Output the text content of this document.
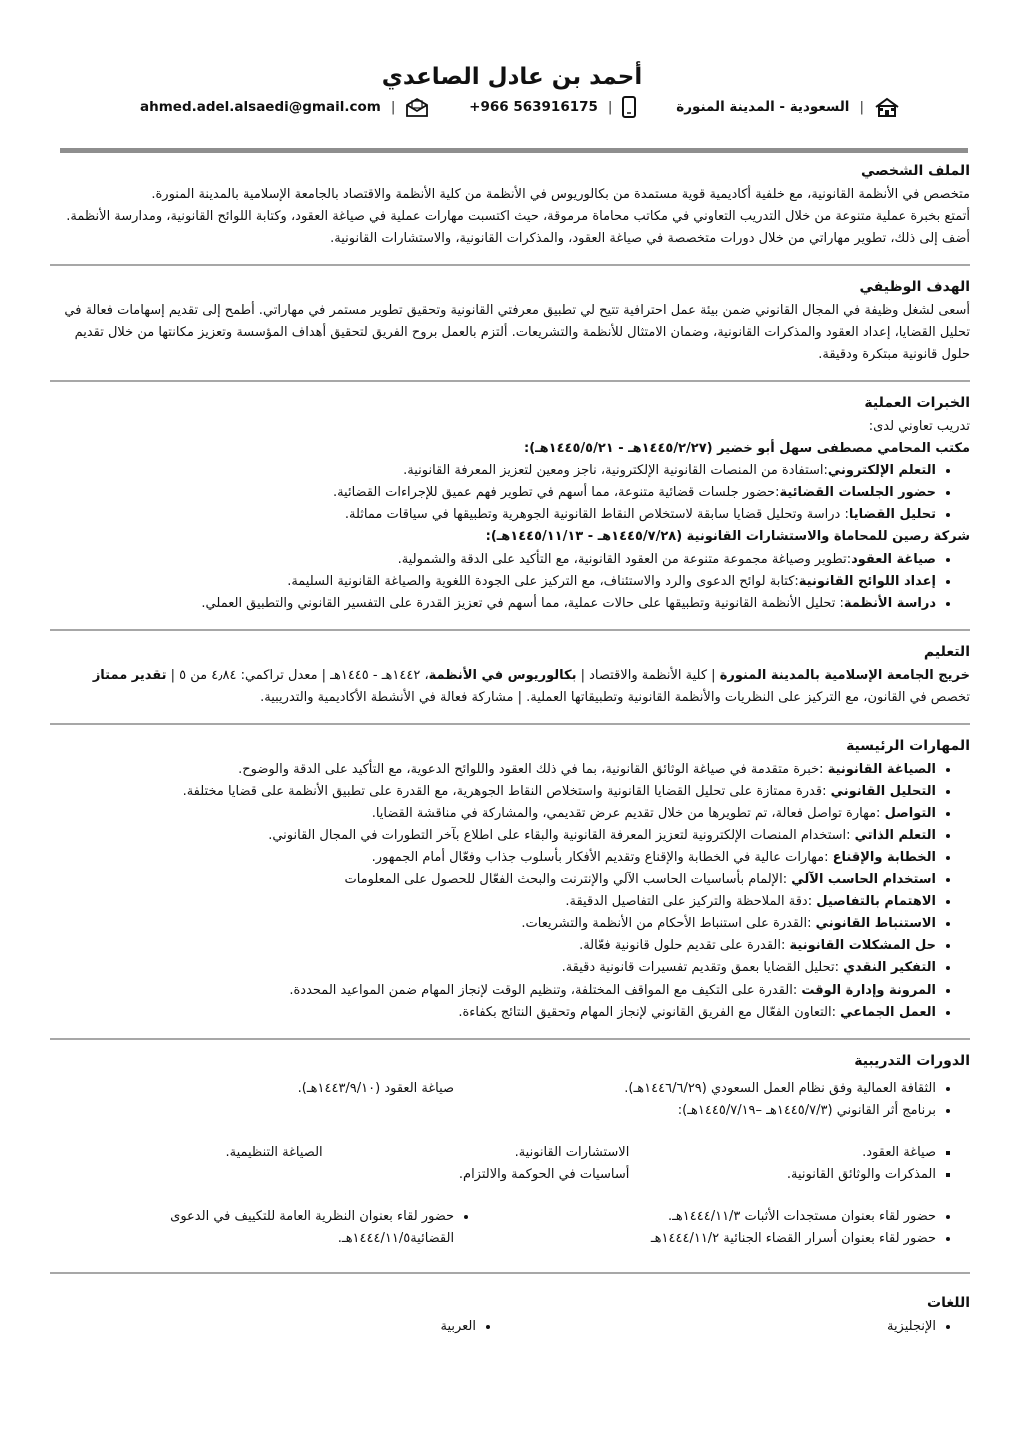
أحمد بن عادل الصاعدي
|
السعودية - المدينة المنورة
|
+966 563916175
|
ahmed.adel.alsaedi@gmail.com
الملف الشخصي

متخصص في الأنظمة القانونية، مع خلفية أكاديمية قوية مستمدة من بكالوريوس في الأنظمة من كلية الأنظمة والاقتصاد بالجامعة الإسلامية بالمدينة المنورة.

أتمتع بخبرة عملية متنوعة من خلال التدريب التعاوني في مكاتب محاماة مرموقة، حيث اكتسبت مهارات عملية في صياغة العقود، وكتابة اللوائح القانونية، ومدارسة الأنظمة. أضف إلى ذلك، تطوير مهاراتي من خلال دورات متخصصة في صياغة العقود، والمذكرات القانونية، والاستشارات القانونية.

الهدف الوظيفي

أسعى لشغل وظيفة في المجال القانوني ضمن بيئة عمل احترافية تتيح لي تطبيق معرفتي القانونية وتحقيق تطوير مستمر في مهاراتي. أطمح إلى تقديم إسهامات فعالة في تحليل القضايا، إعداد العقود والمذكرات القانونية، وضمان الامتثال للأنظمة والتشريعات. ألتزم بالعمل بروح الفريق لتحقيق أهداف المؤسسة وتعزيز مكانتها من خلال تقديم حلول قانونية مبتكرة ودقيقة.

الخبرات العملية
تدريب تعاوني لدى:
مكتب المحامي مصطفى سهل أبو خضير (١٤٤٥/٢/٢٧هـ - ١٤٤٥/٥/٢١هـ):
• التعلم الإلكتروني:استفادة من المنصات القانونية الإلكترونية، ناجز ومعين لتعزيز المعرفة القانونية.
• حضور الجلسات القضائية:حضور جلسات قضائية متنوعة، مما أسهم في تطوير فهم عميق للإجراءات القضائية.
• تحليل القضايا: دراسة وتحليل قضايا سابقة لاستخلاص النقاط القانونية الجوهرية وتطبيقها في سياقات مماثلة.
شركة رصين للمحاماة والاستشارات القانونية (١٤٤٥/٧/٢٨هـ - ١٤٤٥/١١/١٣هـ):
• صياغة العقود:تطوير وصياغة مجموعة متنوعة من العقود القانونية، مع التأكيد على الدقة والشمولية.
• إعداد اللوائح القانونية:كتابة لوائح الدعوى والرد والاستئناف، مع التركيز على الجودة اللغوية والصياغة القانونية السليمة.
• دراسة الأنظمة: تحليل الأنظمة القانونية وتطبيقها على حالات عملية، مما أسهم في تعزيز القدرة على التفسير القانوني والتطبيق العملي.
التعليم

خريج الجامعة الإسلامية بالمدينة المنورة | كلية الأنظمة والاقتصاد | بكالوريوس في الأنظمة، ١٤٤٢هـ - ١٤٤٥هـ | معدل تراكمي: ٤٫٨٤ من ٥ | تقدير ممتاز

تخصص في القانون، مع التركيز على النظريات والأنظمة القانونية وتطبيقاتها العملية. | مشاركة فعالة في الأنشطة الأكاديمية والتدريبية.

المهارات الرئيسية
• الصياغة القانونية :خبرة متقدمة في صياغة الوثائق القانونية، بما في ذلك العقود واللوائح الدعوية، مع التأكيد على الدقة والوضوح.
• التحليل القانوني :قدرة ممتازة على تحليل القضايا القانونية واستخلاص النقاط الجوهرية، مع القدرة على تطبيق الأنظمة على قضايا مختلفة.
• التواصل :مهارة تواصل فعالة، تم تطويرها من خلال تقديم عرض تقديمي، والمشاركة في مناقشة القضايا.
• التعلم الذاتي :استخدام المنصات الإلكترونية لتعزيز المعرفة القانونية والبقاء على اطلاع بآخر التطورات في المجال القانوني.
• الخطابة والإقناع :مهارات عالية في الخطابة والإقناع وتقديم الأفكار بأسلوب جذاب وفعّال أمام الجمهور.
• استخدام الحاسب الآلي :الإلمام بأساسيات الحاسب الآلي والإنترنت والبحث الفعّال للحصول على المعلومات
• الاهتمام بالتفاصيل :دقة الملاحظة والتركيز على التفاصيل الدقيقة.
• الاستنباط القانوني :القدرة على استنباط الأحكام من الأنظمة والتشريعات.
• حل المشكلات القانونية :القدرة على تقديم حلول قانونية فعّالة.
• التفكير النقدي :تحليل القضايا بعمق وتقديم تفسيرات قانونية دقيقة.
• المرونة وإدارة الوقت :القدرة على التكيف مع المواقف المختلفة، وتنظيم الوقت لإنجاز المهام ضمن المواعيد المحددة.
• العمل الجماعي :التعاون الفعّال مع الفريق القانوني لإنجاز المهام وتحقيق النتائج بكفاءة.
الدورات التدريبية
• الثقافة العمالية وفق نظام العمل السعودي (١٤٤٦/٦/٢٩هـ).
• برنامج أثر القانوني (١٤٤٥/٧/٣هـ –١٤٤٥/٧/١٩هـ):
صياغة العقود (١٤٤٣/٩/١٠هـ).
▪ صياغة العقود.
▪ المذكرات والوثائق القانونية.
الاستشارات القانونية.
أساسيات في الحوكمة والالتزام.
الصياغة التنظيمية.
• حضور لقاء بعنوان مستجدات الأثبات ١٤٤٤/١١/٣هـ.
• حضور لقاء بعنوان أسرار القضاء الجنائية ١٤٤٤/١١/٢هـ
• حضور لقاء بعنوان النظرية العامة للتكييف في الدعوى القضائية١٤٤٤/١١/٥هـ.
اللغات
• الإنجليزية
• العربية
